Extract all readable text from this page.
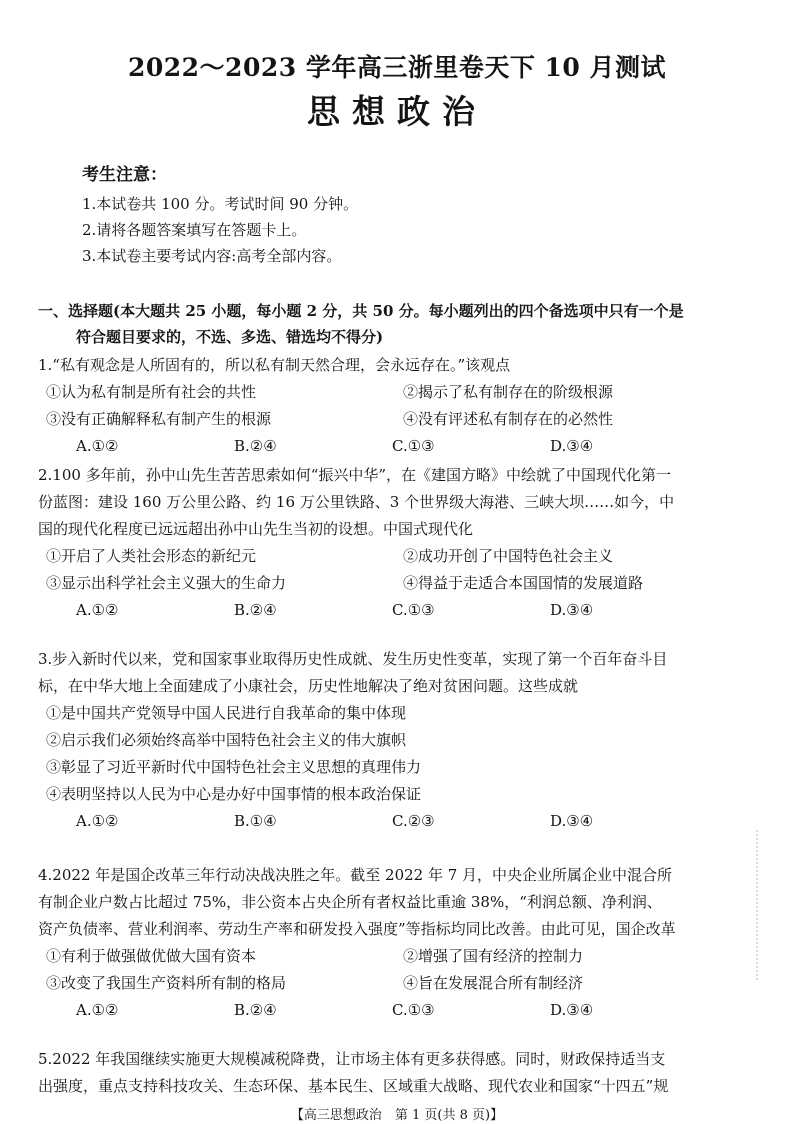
2022～2023 学年高三浙里卷天下 10 月测试
思想政治
考生注意：
1.本试卷共 100 分。考试时间 90 分钟。
2.请将各题答案填写在答题卡上。
3.本试卷主要考试内容:高考全部内容。
一、选择题(本大题共 25 小题，每小题 2 分，共 50 分。每小题列出的四个备选项中只有一个是
符合题目要求的，不选、多选、错选均不得分)
1.“私有观念是人所固有的，所以私有制天然合理，会永远存在。”该观点
①认为私有制是所有社会的共性	②揭示了私有制存在的阶级根源
③没有正确解释私有制产生的根源	④没有评述私有制存在的必然性
A.①②	B.②④	C.①③	D.③④
2.100 多年前，孙中山先生苦苦思索如何“振兴中华”，在《建国方略》中绘就了中国现代化第一
份蓝图：建设 160 万公里公路、约 16 万公里铁路、3 个世界级大海港、三峡大坝……如今，中
国的现代化程度已远远超出孙中山先生当初的设想。中国式现代化
①开启了人类社会形态的新纪元	②成功开创了中国特色社会主义
③显示出科学社会主义强大的生命力	④得益于走适合本国国情的发展道路
A.①②	B.②④	C.①③	D.③④
3.步入新时代以来，党和国家事业取得历史性成就、发生历史性变革，实现了第一个百年奋斗目
标，在中华大地上全面建成了小康社会，历史性地解决了绝对贫困问题。这些成就
①是中国共产党领导中国人民进行自我革命的集中体现
②启示我们必须始终高举中国特色社会主义的伟大旗帜
③彰显了习近平新时代中国特色社会主义思想的真理伟力
④表明坚持以人民为中心是办好中国事情的根本政治保证
A.①②	B.①④	C.②③	D.③④
4.2022 年是国企改革三年行动决战决胜之年。截至 2022 年 7 月，中央企业所属企业中混合所
有制企业户数占比超过 75%，非公资本占央企所有者权益比重逾 38%，“利润总额、净利润、
资产负债率、营业利润率、劳动生产率和研发投入强度”等指标均同比改善。由此可见，国企改革
①有利于做强做优做大国有资本	②增强了国有经济的控制力
③改变了我国生产资料所有制的格局	④旨在发展混合所有制经济
A.①②	B.②④	C.①③	D.③④
5.2022 年我国继续实施更大规模减税降费，让市场主体有更多获得感。同时，财政保持适当支
出强度，重点支持科技攻关、生态环保、基本民生、区域重大战略、现代农业和国家“十四五”规
【高三思想政治　第 1 页(共 8 页)】
